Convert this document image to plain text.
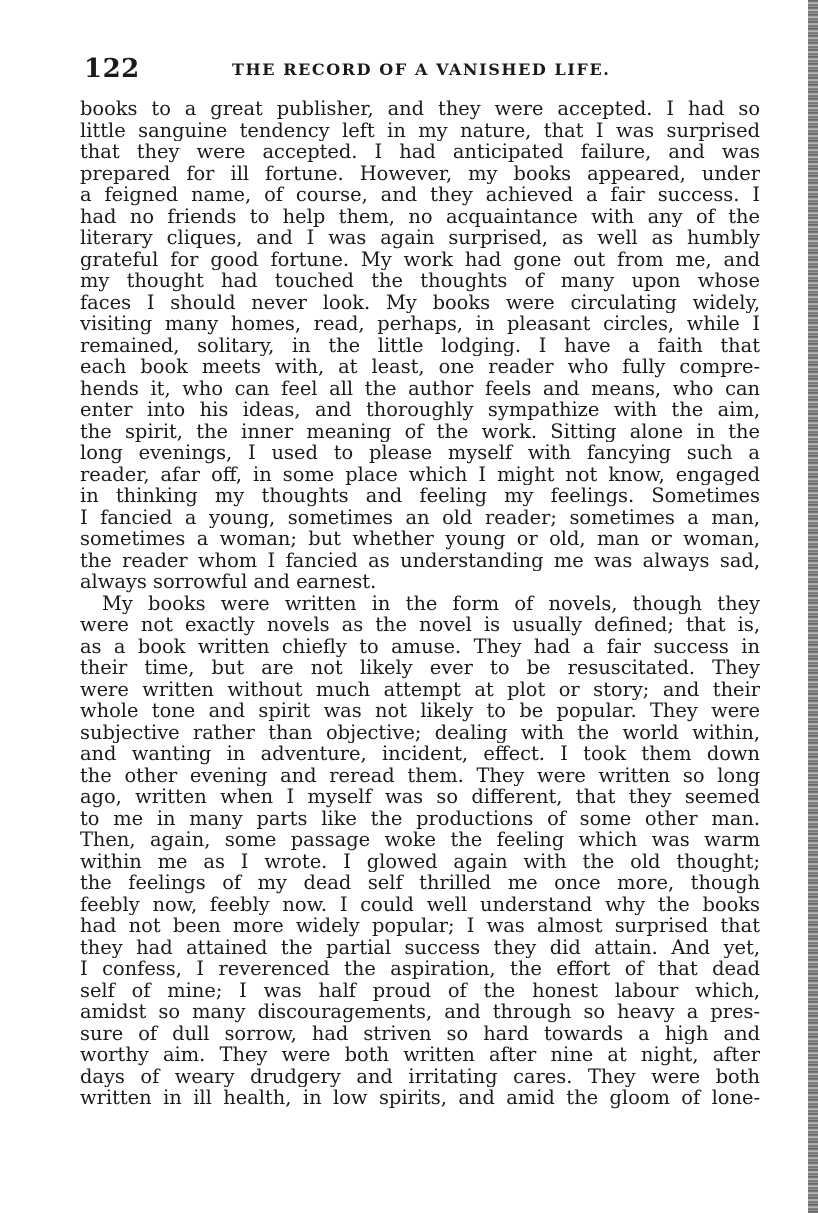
122	THE RECORD OF A VANISHED LIFE.
books to a great publisher, and they were accepted. I had so
little sanguine tendency left in my nature, that I was surprised
that they were accepted. I had anticipated failure, and was
prepared for ill fortune. However, my books appeared, under
a feigned name, of course, and they achieved a fair success. I
had no friends to help them, no acquaintance with any of the
literary cliques, and I was again surprised, as well as humbly
grateful for good fortune. My work had gone out from me, and
my thought had touched the thoughts of many upon whose
faces I should never look. My books were circulating widely,
visiting many homes, read, perhaps, in pleasant circles, while I
remained, solitary, in the little lodging. I have a faith that
each book meets with, at least, one reader who fully compre-
hends it, who can feel all the author feels and means, who can
enter into his ideas, and thoroughly sympathize with the aim,
the spirit, the inner meaning of the work. Sitting alone in the
long evenings, I used to please myself with fancying such a
reader, afar off, in some place which I might not know, engaged
in thinking my thoughts and feeling my feelings. Sometimes
I fancied a young, sometimes an old reader; sometimes a man,
sometimes a woman; but whether young or old, man or woman,
the reader whom I fancied as understanding me was always sad,
always sorrowful and earnest.
My books were written in the form of novels, though they
were not exactly novels as the novel is usually defined; that is,
as a book written chiefly to amuse. They had a fair success in
their time, but are not likely ever to be resuscitated. They
were written without much attempt at plot or story; and their
whole tone and spirit was not likely to be popular. They were
subjective rather than objective; dealing with the world within,
and wanting in adventure, incident, effect. I took them down
the other evening and reread them. They were written so long
ago, written when I myself was so different, that they seemed
to me in many parts like the productions of some other man.
Then, again, some passage woke the feeling which was warm
within me as I wrote. I glowed again with the old thought;
the feelings of my dead self thrilled me once more, though
feebly now, feebly now. I could well understand why the books
had not been more widely popular; I was almost surprised that
they had attained the partial success they did attain. And yet,
I confess, I reverenced the aspiration, the effort of that dead
self of mine; I was half proud of the honest labour which,
amidst so many discouragements, and through so heavy a pres-
sure of dull sorrow, had striven so hard towards a high and
worthy aim. They were both written after nine at night, after
days of weary drudgery and irritating cares. They were both
written in ill health, in low spirits, and amid the gloom of lone-
